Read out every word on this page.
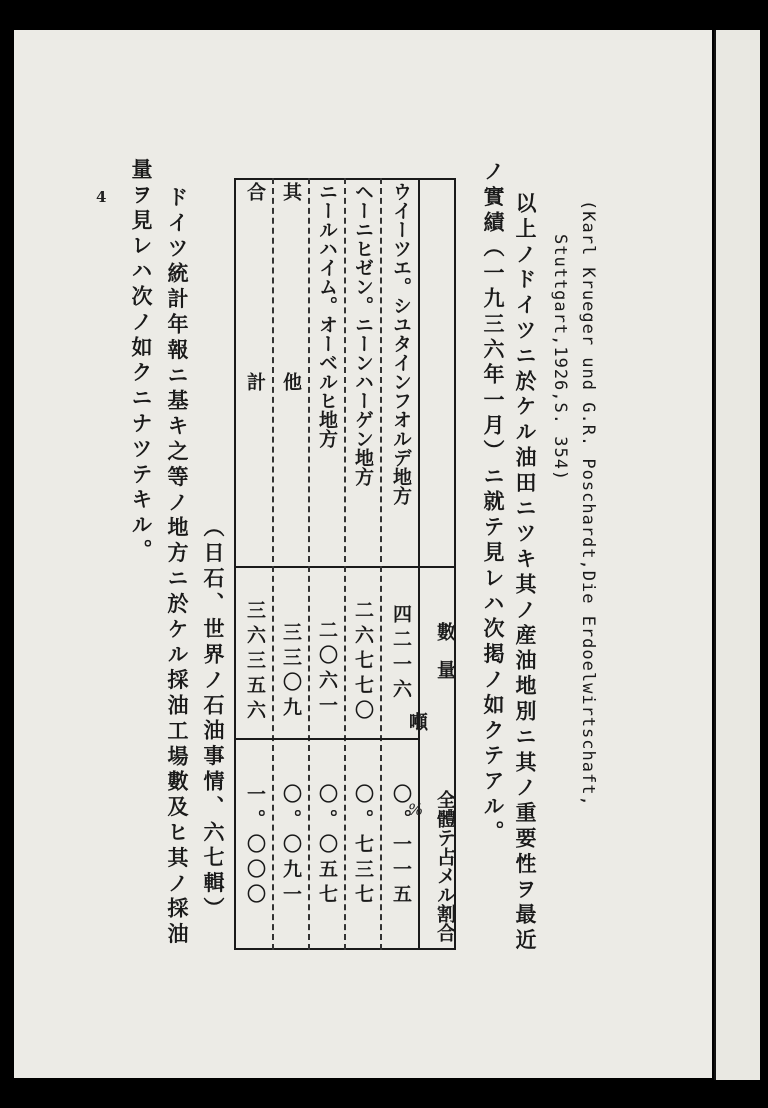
(Karl Krueger und G.R. Poschardt,Die Erdoelwirtschaft,
Stuttgart,1926,S. 354)
以上ノドイツニ於ケル油田ニツキ其ノ産油地別ニ其ノ重要性ヲ最近
ノ實績（一九三六年一月）ニ就テ見レハ次掲ノ如クテアル。
數　量
全體テ占メル割合
%
ウイーツエ。シユタインフオルデ地方
四二一六
噸
〇。一一五
ヘーニヒゼン。ニーンハーゲン地方
二六七七〇
〇。七三七
ニールハイム。オーベルヒ地方
二〇六一
〇。〇五七
其　　　　　　　　　他
三三〇九
〇。〇九一
合　　　　　　　　　計
三六三五六
一。〇〇〇
（日石、世界ノ石油事情、六七輯）
ドイツ統計年報ニ基キ之等ノ地方ニ於ケル採油工場數及ヒ其ノ採油
量ヲ見レハ次ノ如クニナツテキル。
4
